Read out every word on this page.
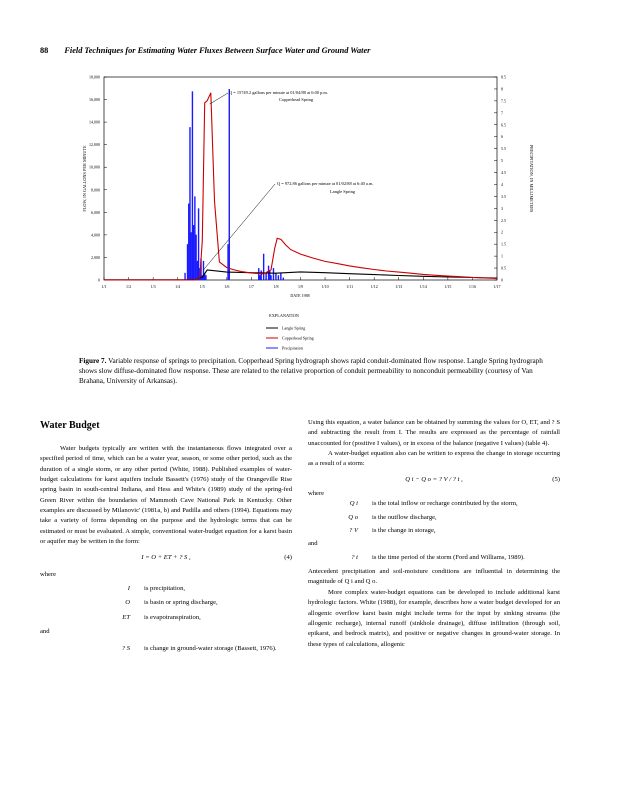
88 Field Techniques for Estimating Water Fluxes Between Surface Water and Ground Water
18,000
16,000
14,000
12,000
10,000
8,000
6,000
4,000
2,000
0
8.5
8
7.5
7
6.5
6
5.5
5
4.5
4
3.5
3
2.5
2
1.5
1
0.5
0
1/1	1/2	1/3	1/4	1/5	1/6	1/7	1/8	1/9	1/10	1/11	1/12	1/13	1/14	1/15	1/16	1/17
DATE 1988
FLOW, IN GALLONS PER MINUTE	PRECIPITATION, IN MILLIMETERS
Q = 15749.2 gallons per minute at 01/04/88 at 6:00 p.m.
Copperhead Spring
Q = 972.86 gallons per minute at 01/02/88 at 6:40 a.m.
Langle Spring
EXPLANATION
Langle Spring
Copperhead Spring
Precipitation
Figure 7. Variable response of springs to precipitation. Copperhead Spring hydrograph shows rapid conduit-dominated flow response. Langle Spring hydrograph shows slow diffuse-dominated flow response. These are related to the relative proportion of conduit permeability to nonconduit permeability (courtesy of Van Brahana, University of Arkansas).
Water Budget

Water budgets typically are written with the instantaneous flows integrated over a specified period of time, which can be a water year, season, or some other period, such as the duration of a single storm, or any other period (White, 1988). Published examples of water-budget calculations for karst aquifers include Bassett's (1976) study of the Orangeville Rise spring basin in south-central Indiana, and Hess and White's (1989) study of the spring-fed Green River within the boundaries of Mammoth Cave National Park in Kentucky. Other examples are discussed by Milanovic' (1981a, b) and Padilla and others (1994). Equations may take a variety of forms depending on the purpose and the hydrologic terms that can be estimated or must be evaluated. A simple, conventional water-budget equation for a karst basin or aquifer may be written in the form:

I = O + ET + ? S ,	(4)
where
I	is precipitation,
O	is basin or spring discharge,
ET	is evapotranspiration,
and
? S	is change in ground-water storage (Bassett, 1976).

Using this equation, a water balance can be obtained by summing the values for O, ET, and ? S and subtracting the result from I. The results are expressed as the percentage of rainfall unaccounted for (positive I values), or in excess of the balance (negative I values) (table 4).

A water-budget equation also can be written to express the change in storage occurring as a result of a storm:

Q i − Q o = ? V / ? t ,	(5)
where
Q i	is the total inflow or recharge contributed by the storm,
Q o	is the outflow discharge,
? V	is the change in storage,
and
? t	is the time period of the storm (Ford and Williams, 1989).

Antecedent precipitation and soil-moisture conditions are influential in determining the magnitude of Q i and Q o.

More complex water-budget equations can be developed to include additional karst hydrologic factors. White (1988), for example, describes how a water budget developed for an allogenic overflow karst basin might include terms for the input by sinking streams (the allogenic recharge), internal runoff (sinkhole drainage), diffuse infiltration (through soil, epikarst, and bedrock matrix), and positive or negative changes in ground-water storage. In these types of calculations, allogenic
